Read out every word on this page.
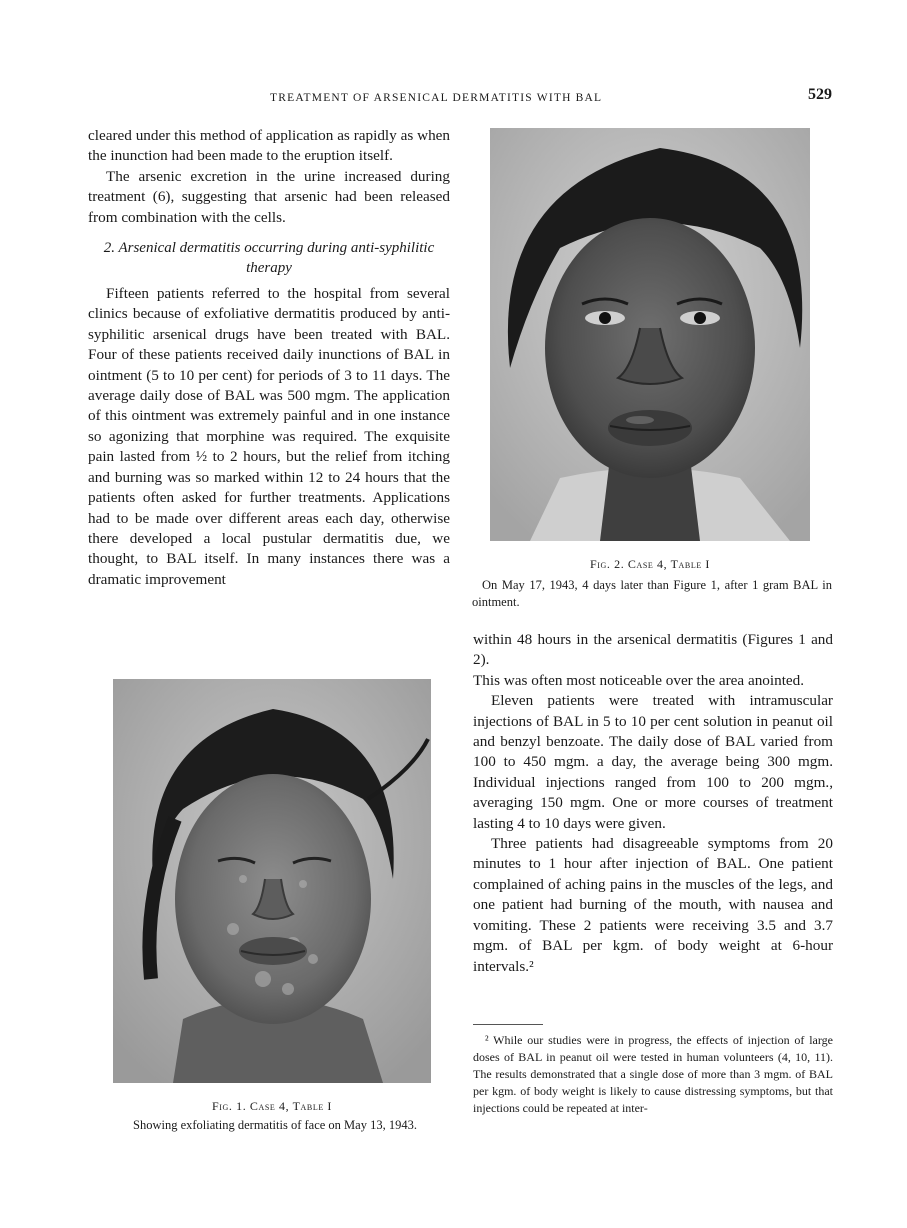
TREATMENT OF ARSENICAL DERMATITIS WITH BAL	529

cleared under this method of application as rapidly as when the inunction had been made to the eruption itself.

The arsenic excretion in the urine increased during treatment (6), suggesting that arsenic had been released from combination with the cells.

2. Arsenical dermatitis occurring during anti-syphilitic therapy

Fifteen patients referred to the hospital from several clinics because of exfoliative dermatitis produced by anti-syphilitic arsenical drugs have been treated with BAL. Four of these patients received daily inunctions of BAL in ointment (5 to 10 per cent) for periods of 3 to 11 days. The average daily dose of BAL was 500 mgm. The application of this ointment was extremely painful and in one instance so agonizing that morphine was required. The exquisite pain lasted from ½ to 2 hours, but the relief from itching and burning was so marked within 12 to 24 hours that the patients often asked for further treatments. Applications had to be made over different areas each day, otherwise there developed a local pustular dermatitis due, we thought, to BAL itself. In many instances there was a dramatic improvement

Fig. 1. Case 4, Table I
Showing exfoliating dermatitis of face on May 13, 1943.
Fig. 2. Case 4, Table I
On May 17, 1943, 4 days later than Figure 1, after 1 gram BAL in ointment.

within 48 hours in the arsenical dermatitis (Figures 1 and 2).

This was often most noticeable over the area anointed.

Eleven patients were treated with intramuscular injections of BAL in 5 to 10 per cent solution in peanut oil and benzyl benzoate. The daily dose of BAL varied from 100 to 450 mgm. a day, the average being 300 mgm. Individual injections ranged from 100 to 200 mgm., averaging 150 mgm. One or more courses of treatment lasting 4 to 10 days were given.

Three patients had disagreeable symptoms from 20 minutes to 1 hour after injection of BAL. One patient complained of aching pains in the muscles of the legs, and one patient had burning of the mouth, with nausea and vomiting. These 2 patients were receiving 3.5 and 3.7 mgm. of BAL per kgm. of body weight at 6-hour intervals.²

² While our studies were in progress, the effects of injection of large doses of BAL in peanut oil were tested in human volunteers (4, 10, 11). The results demonstrated that a single dose of more than 3 mgm. of BAL per kgm. of body weight is likely to cause distressing symptoms, but that injections could be repeated at inter-
